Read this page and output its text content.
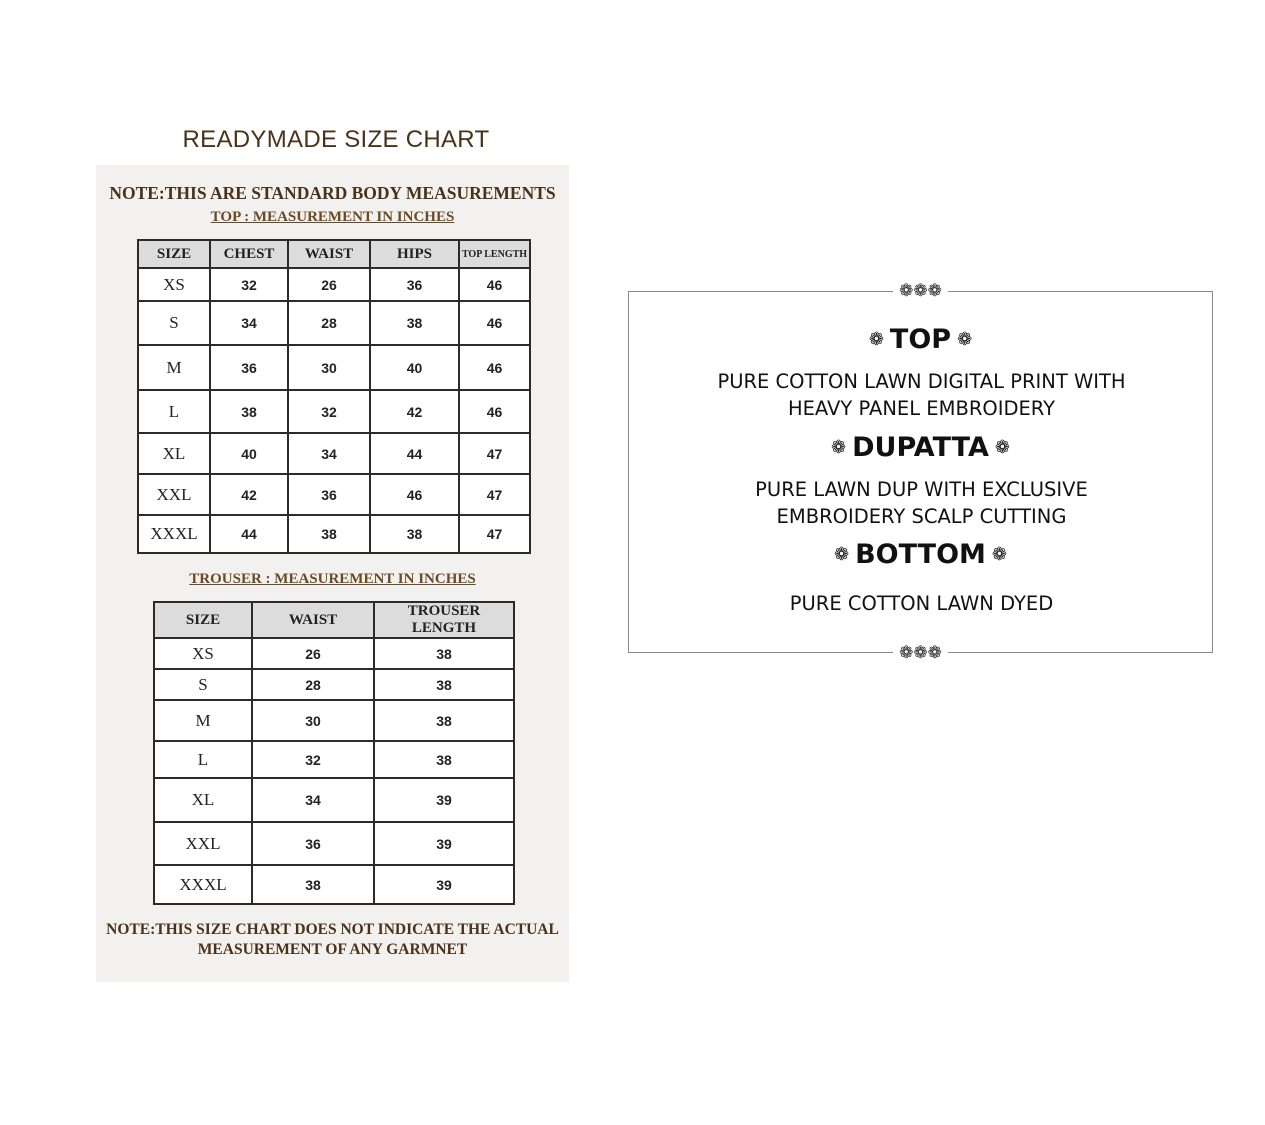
READYMADE SIZE CHART
NOTE:THIS ARE STANDARD BODY MEASUREMENTS
TOP : MEASUREMENT IN INCHES
SIZE	CHEST	WAIST	HIPS	TOP LENGTH
XS	32	26	36	46
S	34	28	38	46
M	36	30	40	46
L	38	32	42	46
XL	40	34	44	47
XXL	42	36	46	47
XXXL	44	38	38	47
TROUSER : MEASUREMENT IN INCHES
SIZE	WAIST	TROUSER LENGTH
XS	26	38
S	28	38
M	30	38
L	32	38
XL	34	39
XXL	36	39
XXXL	38	39
NOTE:THIS SIZE CHART DOES NOT INDICATE THE ACTUAL
MEASUREMENT OF ANY GARMNET
❁❁❁
❁ TOP ❁
PURE COTTON LAWN DIGITAL PRINT WITH
HEAVY PANEL EMBROIDERY
❁ DUPATTA ❁
PURE LAWN DUP WITH EXCLUSIVE
EMBROIDERY SCALP CUTTING
❁ BOTTOM ❁
PURE COTTON LAWN DYED
❁❁❁
